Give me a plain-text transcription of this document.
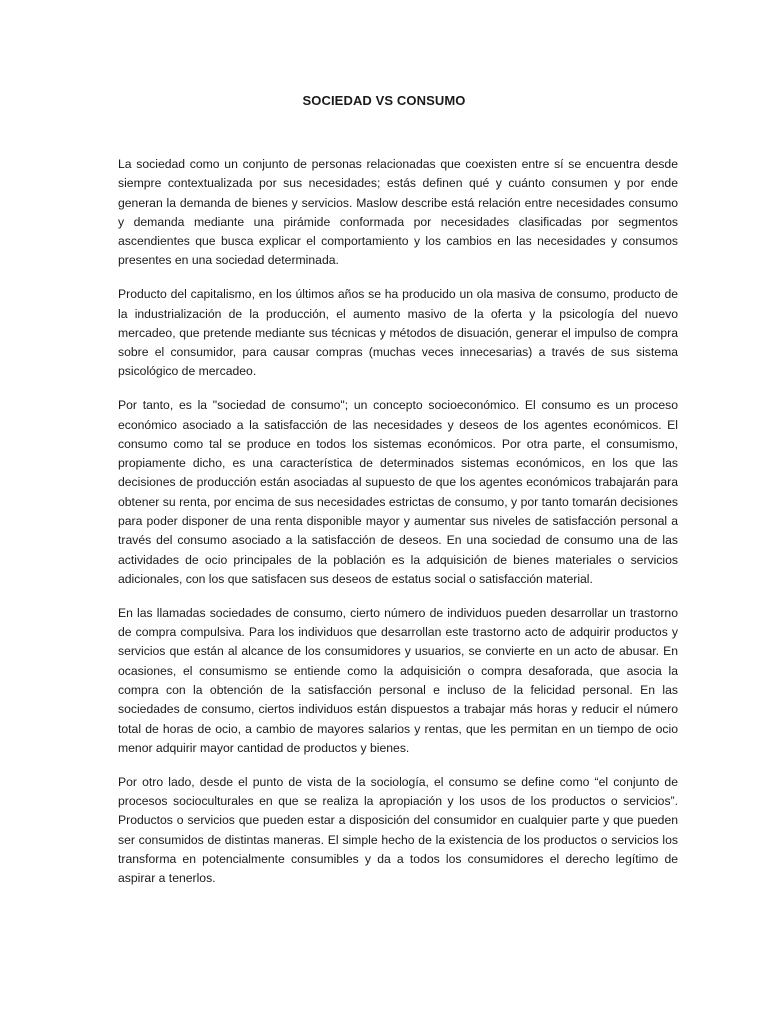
SOCIEDAD VS CONSUMO

La sociedad como un conjunto de personas relacionadas que coexisten entre sí se encuentra desde siempre contextualizada por sus necesidades; estás definen qué y cuánto consumen y por ende generan la demanda de bienes y servicios. Maslow describe está relación entre necesidades consumo y demanda mediante una pirámide conformada por necesidades clasificadas por segmentos ascendientes que busca explicar el comportamiento y los cambios en las necesidades y consumos presentes en una sociedad determinada.

Producto del capitalismo, en los últimos años se ha producido un ola masiva de consumo, producto de la industrialización de la producción, el aumento masivo de la oferta y la psicología del nuevo mercadeo, que pretende mediante sus técnicas y métodos de disuación, generar el impulso de compra sobre el consumidor, para causar compras (muchas veces innecesarias) a través de sus sistema psicológico de mercadeo.

Por tanto, es la "sociedad de consumo"; un concepto socioeconómico. El consumo es un proceso económico asociado a la satisfacción de las necesidades y deseos de los agentes económicos. El consumo como tal se produce en todos los sistemas económicos. Por otra parte, el consumismo, propiamente dicho, es una característica de determinados sistemas económicos, en los que las decisiones de producción están asociadas al supuesto de que los agentes económicos trabajarán para obtener su renta, por encima de sus necesidades estrictas de consumo, y por tanto tomarán decisiones para poder disponer de una renta disponible mayor y aumentar sus niveles de satisfacción personal a través del consumo asociado a la satisfacción de deseos. En una sociedad de consumo una de las actividades de ocio principales de la población es la adquisición de bienes materiales o servicios adicionales, con los que satisfacen sus deseos de estatus social o satisfacción material.

En las llamadas sociedades de consumo, cierto número de individuos pueden desarrollar un trastorno de compra compulsiva. Para los individuos que desarrollan este trastorno acto de adquirir productos y servicios que están al alcance de los consumidores y usuarios, se convierte en un acto de abusar. En ocasiones, el consumismo se entiende como la adquisición o compra desaforada, que asocia la compra con la obtención de la satisfacción personal e incluso de la felicidad personal. En las sociedades de consumo, ciertos individuos están dispuestos a trabajar más horas y reducir el número total de horas de ocio, a cambio de mayores salarios y rentas, que les permitan en un tiempo de ocio menor adquirir mayor cantidad de productos y bienes.

Por otro lado, desde el punto de vista de la sociología, el consumo se define como “el conjunto de procesos socioculturales en que se realiza la apropiación y los usos de los productos o servicios”. Productos o servicios que pueden estar a disposición del consumidor en cualquier parte y que pueden ser consumidos de distintas maneras. El simple hecho de la existencia de los productos o servicios los transforma en potencialmente consumibles y da a todos los consumidores el derecho legítimo de aspirar a tenerlos.
